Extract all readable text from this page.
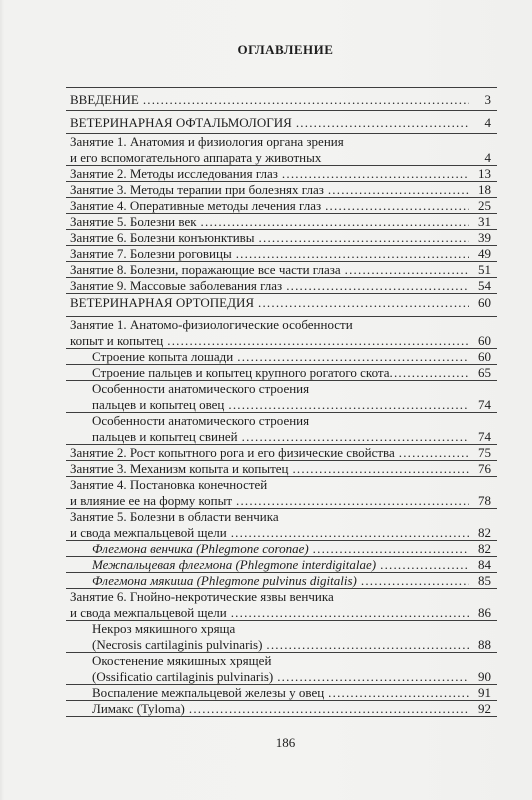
ОГЛАВЛЕНИЕ
ВВЕДЕНИЕ .....	3
ВЕТЕРИНАРНАЯ ОФТАЛЬМОЛОГИЯ .....	4
Занятие 1. Анатомия и физиология органа зрения
и его вспомогательного аппарата у животных	4
Занятие 2. Методы исследования глаз .....	13
Занятие 3. Методы терапии при болезнях глаз .....	18
Занятие 4. Оперативные методы лечения глаз .....	25
Занятие 5. Болезни век .....	31
Занятие 6. Болезни конъюнктивы .....	39
Занятие 7. Болезни роговицы .....	49
Занятие 8. Болезни, поражающие все части глаза .....	51
Занятие 9. Массовые заболевания глаз .....	54
ВЕТЕРИНАРНАЯ ОРТОПЕДИЯ .....	60
Занятие 1. Анатомо-физиологические особенности
копыт и копытец .....	60
Строение копыта лошади .....	60
Строение пальцев и копытец крупного рогатого скота .....	65
Особенности анатомического строения
пальцев и копытец овец .....	74
Особенности анатомического строения
пальцев и копытец свиней .....	74
Занятие 2. Рост копытного рога и его физические свойства .....	75
Занятие 3. Механизм копыта и копытец .....	76
Занятие 4. Постановка конечностей
и влияние ее на форму копыт .....	78
Занятие 5. Болезни в области венчика
и свода межпальцевой щели .....	82
Флегмона венчика (Phlegmone coronae) .....	82
Межпальцевая флегмона (Phlegmone interdigitalae) .....	84
Флегмона мякиша (Phlegmone pulvinus digitalis) .....	85
Занятие 6. Гнойно-некротические язвы венчика
и свода межпальцевой щели .....	86
Некроз мякишного хряща
(Necrosis cartilaginis pulvinaris) .....	88
Окостенение мякишных хрящей
(Ossificatio cartilaginis pulvinaris) .....	90
Воспаление межпальцевой железы у овец .....	91
Лимакс (Tyloma) .....	92
186
